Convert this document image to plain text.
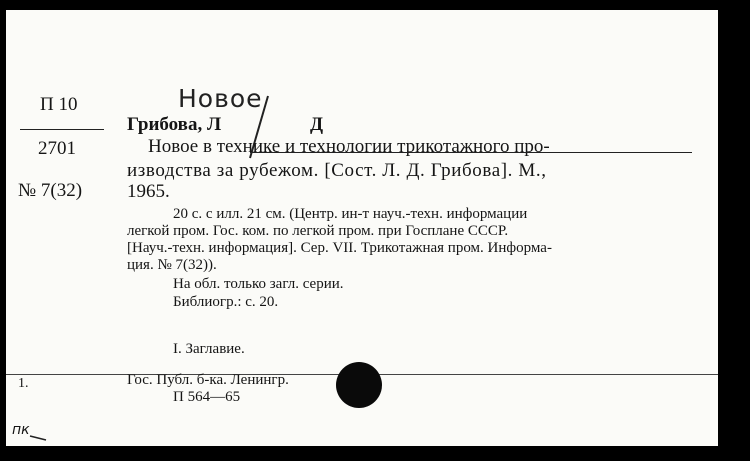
П 10
2701
№ 7(32)
Новое
Д
Грибова, Л
Новое в технике и технологии трикотажного про-
изводства за рубежом. [Сост. Л. Д. Грибова]. М.,
1965.
20 с. с илл. 21 см. (Центр. ин-т науч.-техн. информации
легкой пром. Гос. ком. по легкой пром. при Госплане СССР.
[Науч.-техн. информация]. Сер. VII. Трикотажная пром. Информа-
ция. № 7(32)).
На обл. только загл. серии.
Библиогр.: с. 20.
I. Заглавие.
1.	Гос. Публ. б-ка. Ленингр.
П 564—65
пк
